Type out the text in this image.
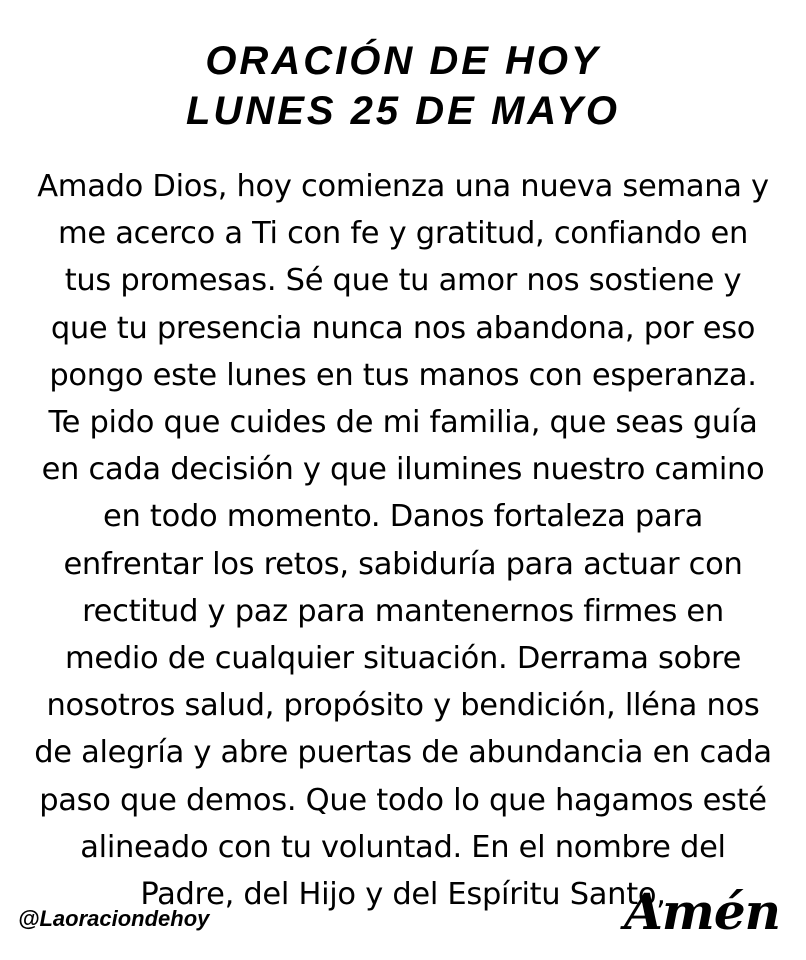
ORACIÓN DE HOY
LUNES 25 DE MAYO
Amado Dios, hoy comienza una nueva semana y
me acerco a Ti con fe y gratitud, confiando en
tus promesas. Sé que tu amor nos sostiene y
que tu presencia nunca nos abandona, por eso
pongo este lunes en tus manos con esperanza.
Te pido que cuides de mi familia, que seas guía
en cada decisión y que ilumines nuestro camino
en todo momento. Danos fortaleza para
enfrentar los retos, sabiduría para actuar con
rectitud y paz para mantenernos firmes en
medio de cualquier situación. Derrama sobre
nosotros salud, propósito y bendición, lléna nos
de alegría y abre puertas de abundancia en cada
paso que demos. Que todo lo que hagamos esté
alineado con tu voluntad. En el nombre del
Padre, del Hijo y del Espíritu Santo,
@Laoraciondehoy	Amén
